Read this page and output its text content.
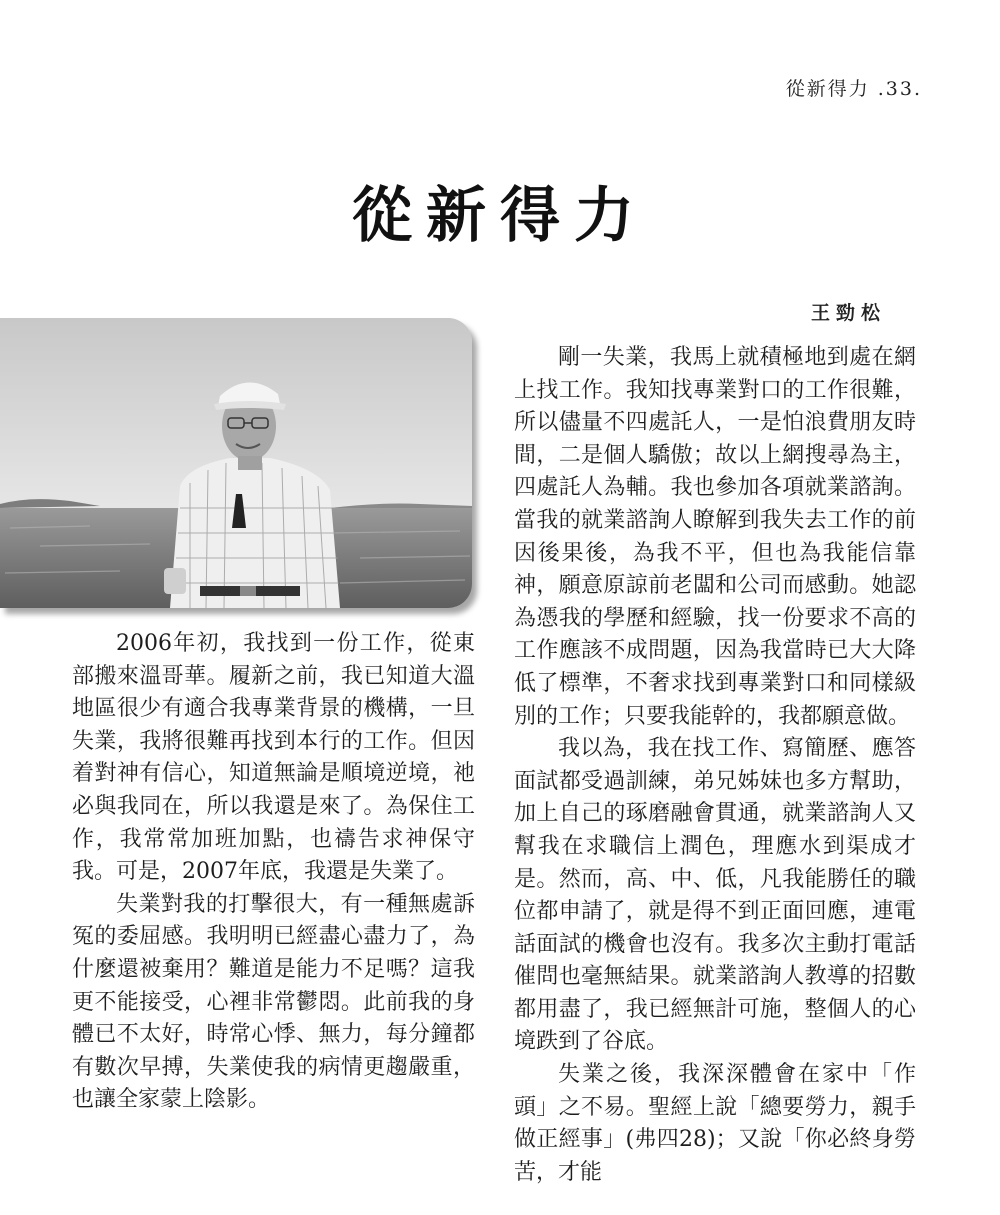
從新得力 .33.
從新得力
王勁松

2006年初，我找到一份工作，從東部搬來溫哥華。履新之前，我已知道大溫地區很少有適合我專業背景的機構，一旦失業，我將很難再找到本行的工作。但因着對神有信心，知道無論是順境逆境，祂必與我同在，所以我還是來了。為保住工作，我常常加班加點，也禱告求神保守我。可是，2007年底，我還是失業了。

失業對我的打擊很大，有一種無處訴冤的委屈感。我明明已經盡心盡力了，為什麼還被棄用？難道是能力不足嗎？這我更不能接受，心裡非常鬱悶。此前我的身體已不太好，時常心悸、無力，每分鐘都有數次早搏，失業使我的病情更趨嚴重，也讓全家蒙上陰影。

剛一失業，我馬上就積極地到處在網上找工作。我知找專業對口的工作很難，所以儘量不四處託人，一是怕浪費朋友時間，二是個人驕傲；故以上網搜尋為主，四處託人為輔。我也參加各項就業諮詢。當我的就業諮詢人瞭解到我失去工作的前因後果後，為我不平，但也為我能信靠神，願意原諒前老闆和公司而感動。她認為憑我的學歷和經驗，找一份要求不高的工作應該不成問題，因為我當時已大大降低了標準，不奢求找到專業對口和同樣級別的工作；只要我能幹的，我都願意做。

我以為，我在找工作、寫簡歷、應答面試都受過訓練，弟兄姊妹也多方幫助，加上自己的琢磨融會貫通，就業諮詢人又幫我在求職信上潤色，理應水到渠成才是。然而，高、中、低，凡我能勝任的職位都申請了，就是得不到正面回應，連電話面試的機會也沒有。我多次主動打電話催問也毫無結果。就業諮詢人教導的招數都用盡了，我已經無計可施，整個人的心境跌到了谷底。

失業之後，我深深體會在家中「作頭」之不易。聖經上說「總要勞力，親手做正經事」(弗四28)；又說「你必終身勞苦，才能
